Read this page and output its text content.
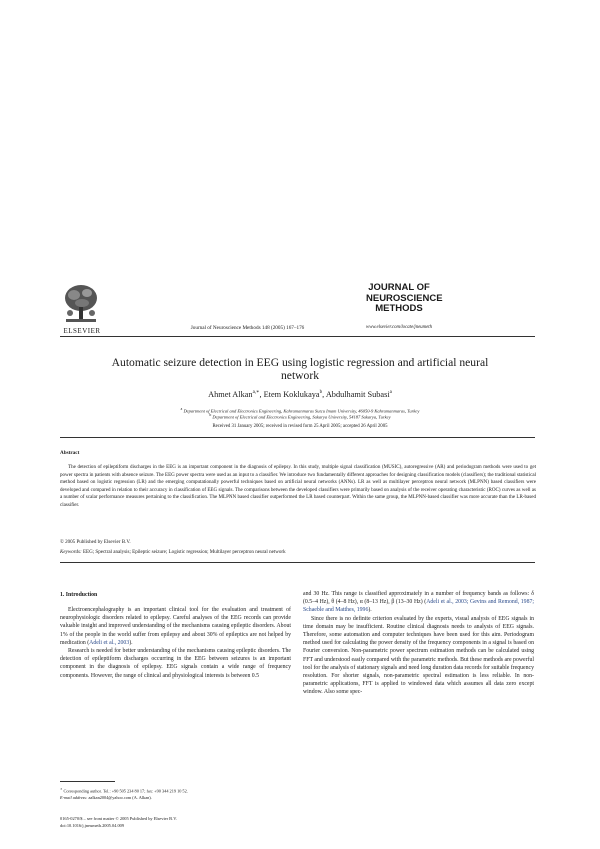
ELSEVIER	Journal of Neuroscience Methods 148 (2005) 167–176
JOURNAL OF
NEUROSCIENCE
METHODS
www.elsevier.com/locate/jneumeth
Automatic seizure detection in EEG using logistic regression and artificial neural network
Ahmet Alkan$^{a,∗}$, Etem Koklukaya$^b$, Abdulhamit Subasi$^a$
$^a$ Department of Electrical and Electronics Engineering, Kahramanmaras Sutcu Imam University, 46050-9 Kahramanmaras, Turkey
$^b$ Department of Electrical and Electronics Engineering, Sakarya University, 54187 Sakarya, Turkey
Received 31 January 2005; received in revised form 25 April 2005; accepted 26 April 2005
Abstract

The detection of epileptiform discharges in the EEG is an important component in the diagnosis of epilepsy. In this study, multiple signal classification (MUSIC), autoregressive (AR) and periodogram methods were used to get power spectra in patients with absence seizure. The EEG power spectra were used as an input to a classifier. We introduce two fundamentally different approaches for designing classification models (classifiers); the traditional statistical method based on logistic regression (LR) and the emerging computationally powerful techniques based on artificial neural networks (ANNs). LR as well as multilayer perceptron neural network (MLPNN) based classifiers were developed and compared in relation to their accuracy in classification of EEG signals. The comparisons between the developed classifiers were primarily based on analysis of the receiver operating characteristic (ROC) curves as well as a number of scalar performance measures pertaining to the classification. The MLPNN based classifier outperformed the LR based counterpart. Within the same group, the MLPNN-based classifier was more accurate than the LR-based classifier.

© 2005 Published by Elsevier B.V.
Keywords: EEG; Spectral analysis; Epileptic seizure; Logistic regression; Multilayer perceptron neural network
1. Introduction

Electroencephalography is an important clinical tool for the evaluation and treatment of neurophysiologic disorders related to epilepsy. Careful analyses of the EEG records can provide valuable insight and improved understanding of the mechanisms causing epileptic disorders. About 1% of the people in the world suffer from epilepsy and about 30% of epileptics are not helped by medication (Adeli et al., 2003).

Research is needed for better understanding of the mechanisms causing epileptic disorders. The detection of epileptiform discharges occurring in the EEG between seizures is an important component in the diagnosis of epilepsy. EEG signals contain a wide range of frequency components. However, the range of clinical and physiological interests is between 0.5

and 30 Hz. This range is classified approximately in a number of frequency bands as follows: δ (0.5–4 Hz), θ (4–8 Hz), α (8–13 Hz), β (13–30 Hz) (Adeli et al., 2003; Gevins and Remond, 1987; Schaeble and Matthes, 1996).

Since there is no definite criterion evaluated by the experts, visual analysis of EEG signals in time domain may be insufficient. Routine clinical diagnosis needs to analysis of EEG signals. Therefore, some automation and computer techniques have been used for this aim. Periodogram method used for calculating the power density of the frequency components in a signal is based on Fourier conversion. Non-parametric power spectrum estimation methods can be calculated using FFT and understood easily compared with the parametric methods. But these methods are powerful tool for the analysis of stationary signals and need long duration data records for suitable frequency resolution. For shorter signals, non-parametric spectral estimation is less reliable. In non-parametric applications, FFT is applied to windowed data which assumes all data zero except window. Also some spec-

∗ Corresponding author. Tel.: +90 505 234 80 17; fax: +90 344 219 10 52.
E-mail address: aalkan2004@yahoo.com (A. Alkan).
0165-0270/$ – see front matter © 2005 Published by Elsevier B.V.
doi:10.1016/j.jneumeth.2005.04.009
